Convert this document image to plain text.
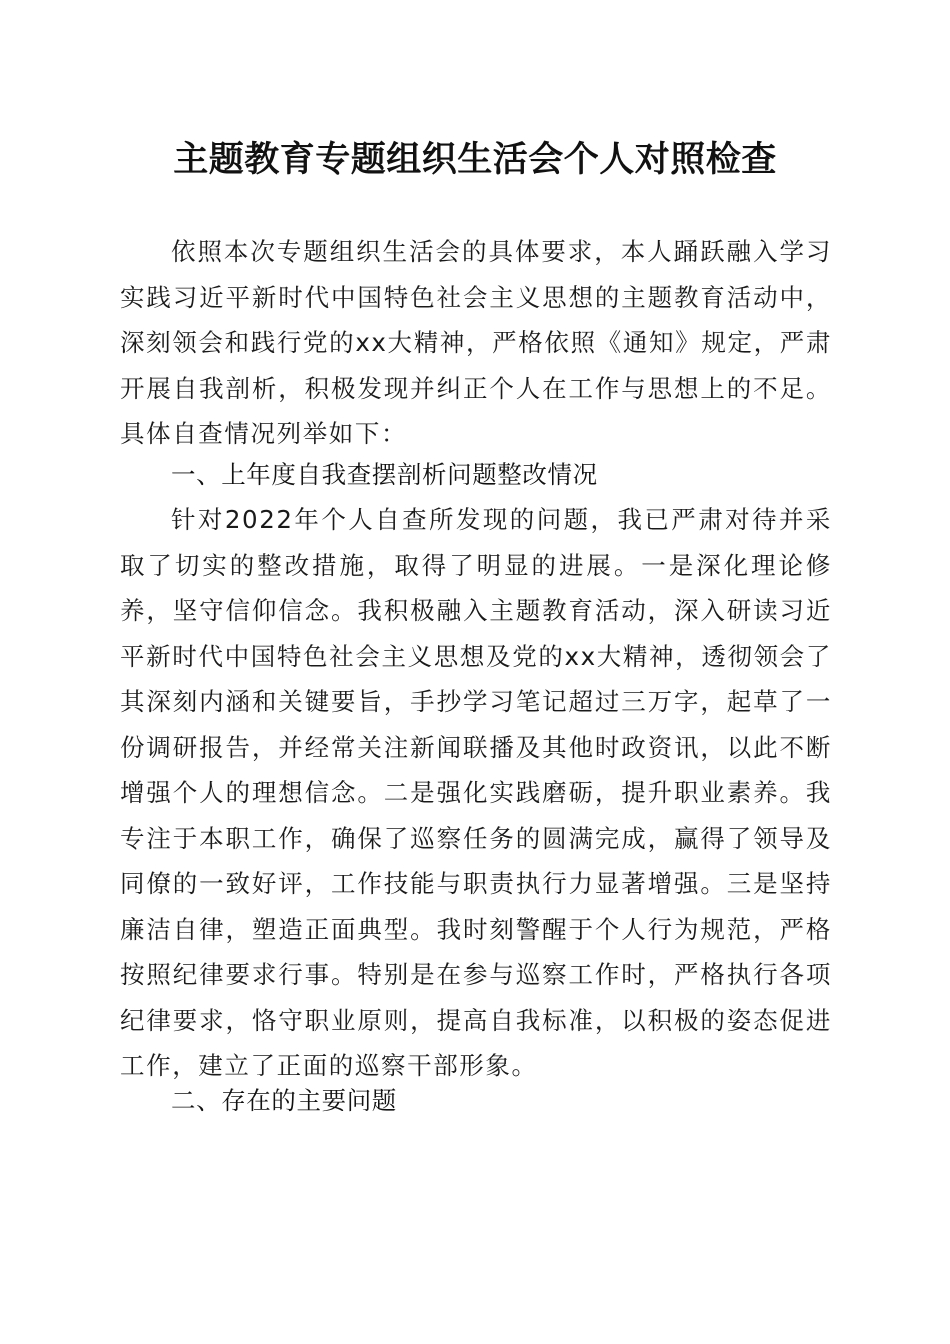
主题教育专题组织生活会个人对照检查

依照本次专题组织生活会的具体要求，本人踊跃融入学习实践习近平新时代中国特色社会主义思想的主题教育活动中，深刻领会和践行党的xx大精神，严格依照《通知》规定，严肃开展自我剖析，积极发现并纠正个人在工作与思想上的不足。具体自查情况列举如下：

一、上年度自我查摆剖析问题整改情况

针对2022年个人自查所发现的问题，我已严肃对待并采取了切实的整改措施，取得了明显的进展。一是深化理论修养，坚守信仰信念。我积极融入主题教育活动，深入研读习近平新时代中国特色社会主义思想及党的xx大精神，透彻领会了其深刻内涵和关键要旨，手抄学习笔记超过三万字，起草了一份调研报告，并经常关注新闻联播及其他时政资讯，以此不断增强个人的理想信念。二是强化实践磨砺，提升职业素养。我专注于本职工作，确保了巡察任务的圆满完成，赢得了领导及同僚的一致好评，工作技能与职责执行力显著增强。三是坚持廉洁自律，塑造正面典型。我时刻警醒于个人行为规范，严格按照纪律要求行事。特别是在参与巡察工作时，严格执行各项纪律要求，恪守职业原则，提高自我标准，以积极的姿态促进工作，建立了正面的巡察干部形象。

二、存在的主要问题
